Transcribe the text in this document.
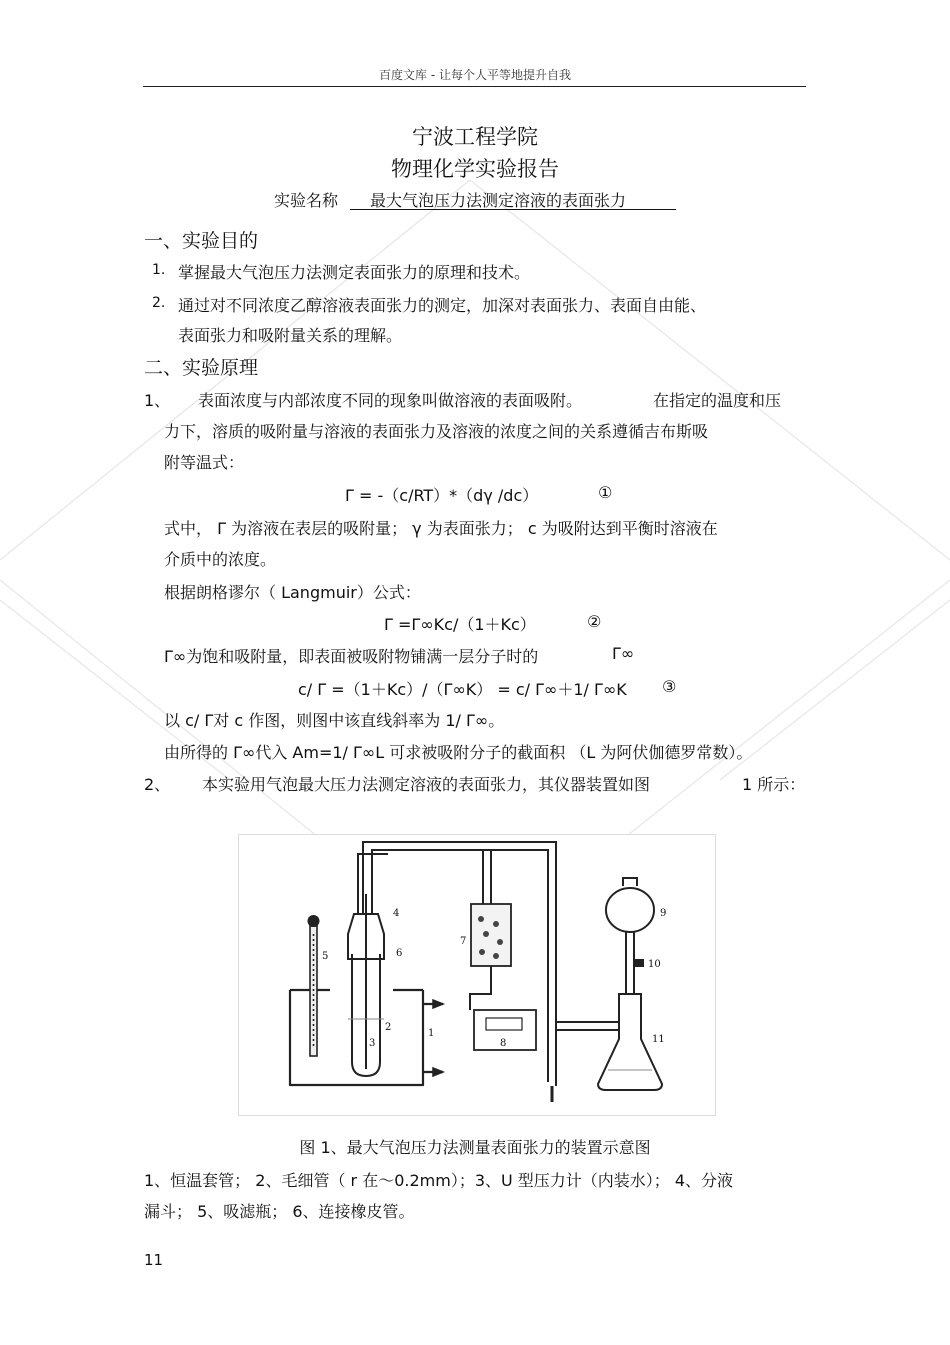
百度文库 - 让每个人平等地提升自我
宁波工程学院
物理化学实验报告
实验名称	最大气泡压力法测定溶液的表面张力
一、实验目的
1. 掌握最大气泡压力法测定表面张力的原理和技术。
2. 通过对不同浓度乙醇溶液表面张力的测定，加深对表面张力、表面自由能、
表面张力和吸附量关系的理解。
二、实验原理
1、 表面浓度与内部浓度不同的现象叫做溶液的表面吸附。	在指定的温度和压
力下，溶质的吸附量与溶液的表面张力及溶液的浓度之间的关系遵循吉布斯吸
附等温式：
Γ = -（c/RT）*（dγ /dc）	①
式中， Γ 为溶液在表层的吸附量； γ 为表面张力； c 为吸附达到平衡时溶液在
介质中的浓度。
根据朗格谬尔（ Langmuir）公式：
Γ =Γ∞Kc/（1＋Kc）	②
Γ∞为饱和吸附量，即表面被吸附物铺满一层分子时的	Γ∞
c/ Γ =（1＋Kc）/（Γ∞K） = c/ Γ∞＋1/ Γ∞K ③
以 c/ Γ对 c 作图，则图中该直线斜率为 1/ Γ∞。
由所得的 Γ∞代入 Am=1/ Γ∞L 可求被吸附分子的截面积 （L 为阿伏伽德罗常数）。
2、 本实验用气泡最大压力法测定溶液的表面张力，其仪器装置如图	1 所示：
4
5	6
2
3
1
7
8
9
10
11
图 1、最大气泡压力法测量表面张力的装置示意图
1、恒温套管； 2、毛细管（ r 在～0.2mm）；3、U 型压力计（内装水）； 4、分液
漏斗； 5、吸滤瓶； 6、连接橡皮管。
11
